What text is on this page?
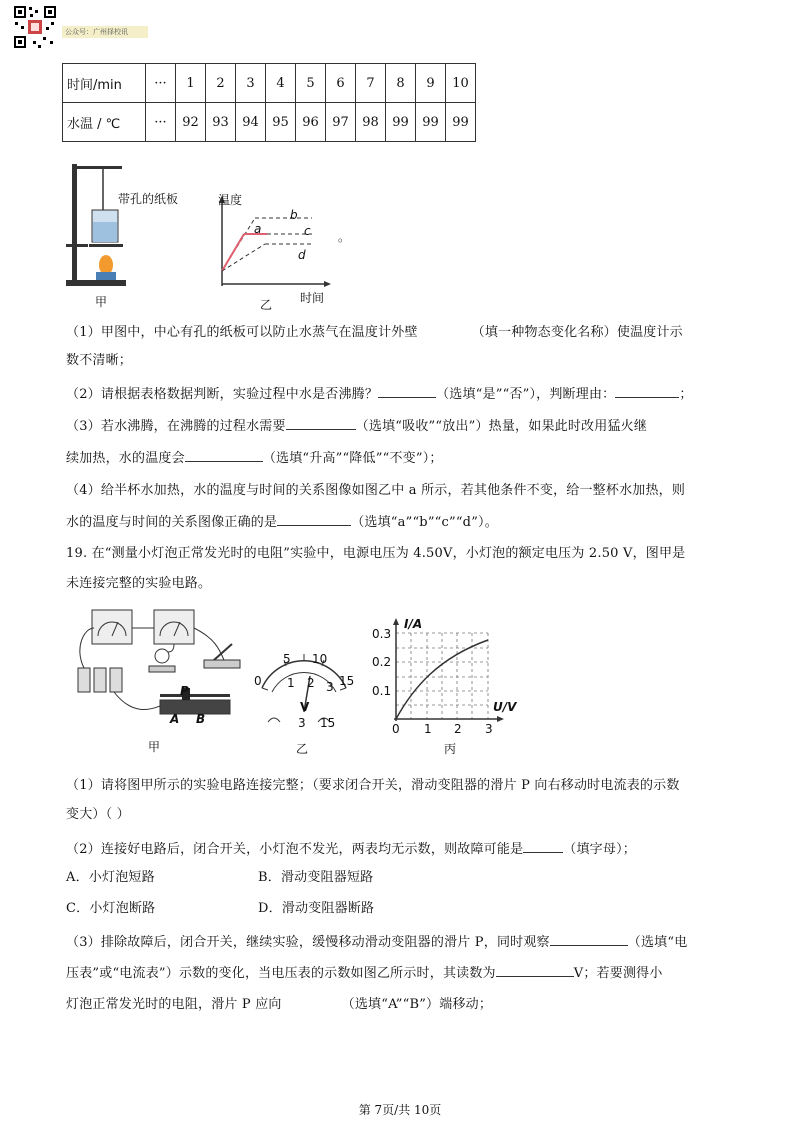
公众号：广州择校讯
时间/min	···	1	2	3	4	5	6	7	8	9	10
水温 / ℃	···	92	93	94	95	96	97	98	99	99	99
带孔的纸板
甲
温度
时间
乙
a
b
c
d
。
（1）甲图中，中心有孔的纸板可以防止水蒸气在温度计外壁	（填一种物态变化名称）使温度计示
数不清晰；
（2）请根据表格数据判断，实验过程中水是否沸腾？	（选填“是”“否”），判断理由：	；
（3）若水沸腾，在沸腾的过程水需要	（选填“吸收”“放出”）热量，如果此时改用猛火继
续加热，水的温度会	（选填“升高”“降低”“不变”）；
（4）给半杯水加热，水的温度与时间的关系图像如图乙中 a 所示，若其他条件不变，给一整杯水加热，则
水的温度与时间的关系图像正确的是	（选填“a”“b”“c”“d”）。
19. 在“测量小灯泡正常发光时的电阻”实验中，电源电压为 4.50V，小灯泡的额定电压为 2.50 V，图甲是
未连接完整的实验电路。
P
A B
甲
0
5 10
15
1 2 3
V
3 15
乙
I/A
0.3
0.2
0.1
U/V
0 1 2 3
丙
（1）请将图甲所示的实验电路连接完整；（要求闭合开关，滑动变阻器的滑片 P 向右移动时电流表的示数
变大）（ ）
（2）连接好电路后，闭合开关，小灯泡不发光，两表均无示数，则故障可能是	（填字母）；
A．小灯泡短路	B．滑动变阻器短路
C．小灯泡断路	D．滑动变阻器断路
（3）排除故障后，闭合开关，继续实验，缓慢移动滑动变阻器的滑片 P，同时观察	（选填“电
压表”或“电流表”）示数的变化，当电压表的示数如图乙所示时，其读数为	V；若要测得小
灯泡正常发光时的电阻，滑片 P 应向	（选填“A”“B”）端移动；
第 7页/共 10页
